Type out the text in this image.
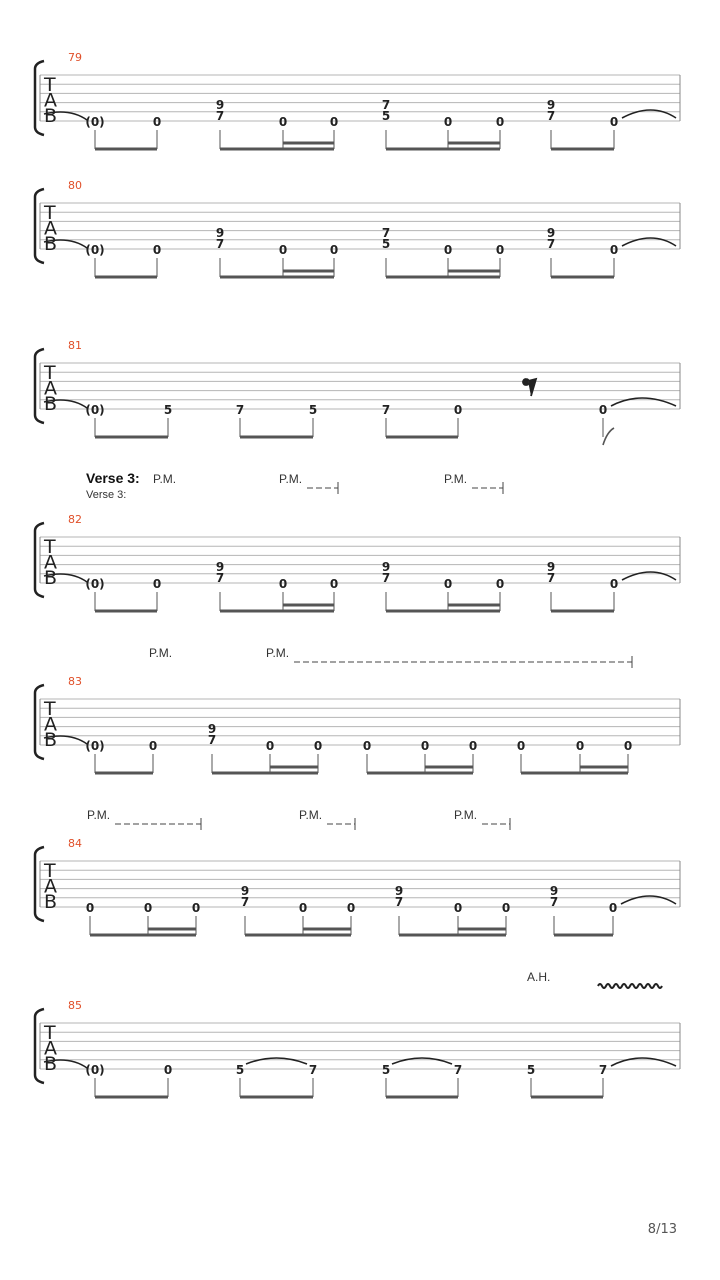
T
A
B
79
(0)	0
9
7	0	0
7
5	0	0
9
7	0
T
A
B
80
(0)	0
9
7	0	0
7
5	0	0
9
7	0
T
A
B
81
(0)	5	7	5	7	0	0
T
A
B
82
Verse 3:
Verse 3:
(0)	0
9
7	0	0
9
7	0	0
9
7	0
P.M.	P.M.	P.M.
T
A
B
83
(0)	0
9
7	0	0	0	0	0	0	0	0
P.M.	P.M.
T
A
B
84
0	0	0
9
7	0	0
9
7	0	0
9
7	0
P.M.	P.M.	P.M.
T
A
B
85
(0)	0	5	7	5	7	5	7
A.H.
8/13
